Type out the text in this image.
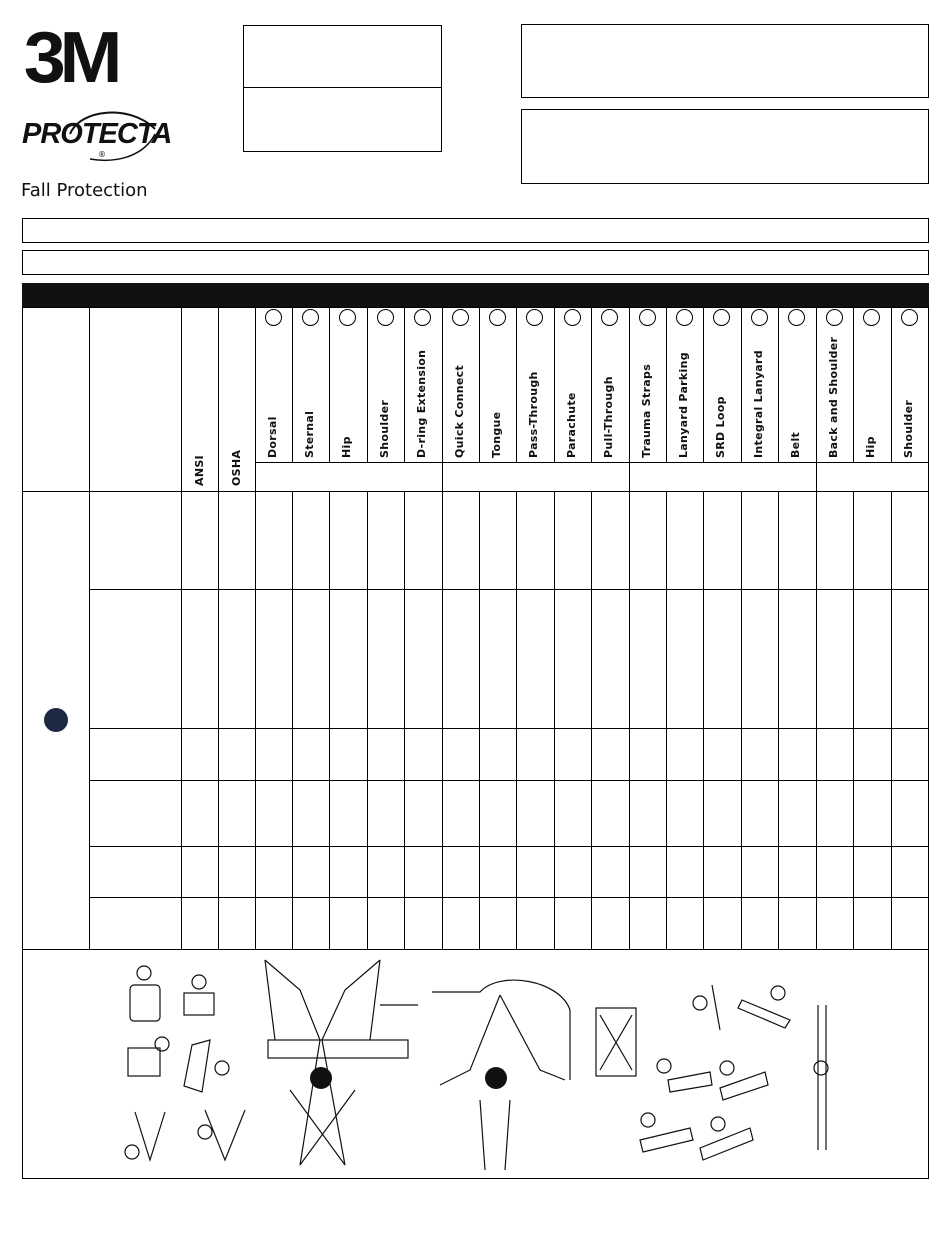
3M
PROTECTA
®
Fall Protection
ANSI OSHA
Dorsal Sternal Hip Shoulder D-ring Extension Quick Connect Tongue Pass-Through Parachute Pull-Through Trauma Straps Lanyard Parking SRD Loop Integral Lanyard Belt Back and Shoulder Hip Shoulder
